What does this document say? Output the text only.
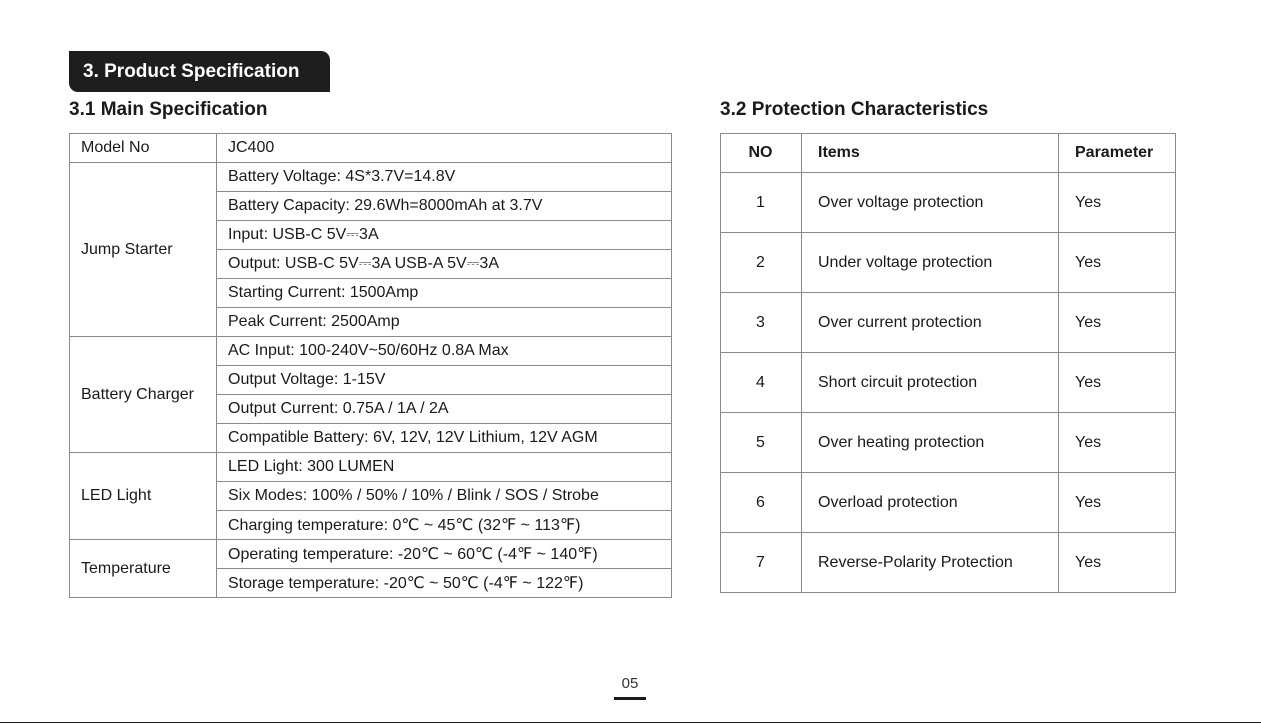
3. Product Specification
3.1 Main Specification	3.2 Protection Characteristics
Model No	JC400
Jump Starter	Battery Voltage: 4S*3.7V=14.8V
	Battery Capacity: 29.6Wh=8000mAh at 3.7V
	Input: USB-C 5V⎓3A
	Output: USB-C 5V⎓3A USB-A 5V⎓3A
	Starting Current: 1500Amp
	Peak Current: 2500Amp
Battery Charger	AC Input: 100-240V~50/60Hz 0.8A Max
	Output Voltage: 1-15V
	Output Current: 0.75A / 1A / 2A
	Compatible Battery: 6V, 12V, 12V Lithium, 12V AGM
LED Light	LED Light: 300 LUMEN
	Six Modes: 100% / 50% / 10% / Blink / SOS / Strobe
	Charging temperature: 0℃ ~ 45℃ (32℉ ~ 113℉)
Temperature	Operating temperature: -20℃ ~ 60℃ (-4℉ ~ 140℉)
	Storage temperature: -20℃ ~ 50℃ (-4℉ ~ 122℉)
NO	Items	Parameter
1	Over voltage protection	Yes
2	Under voltage protection	Yes
3	Over current protection	Yes
4	Short circuit protection	Yes
5	Over heating protection	Yes
6	Overload protection	Yes
7	Reverse-Polarity Protection	Yes
05
